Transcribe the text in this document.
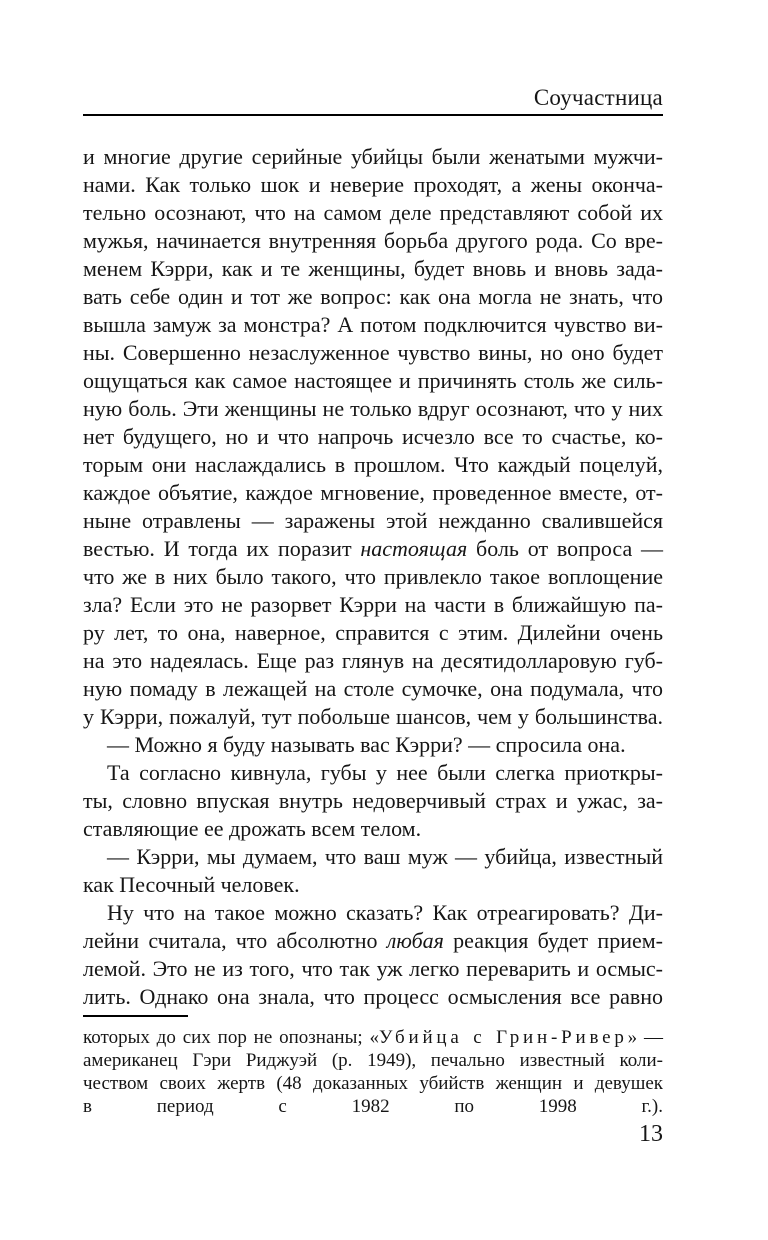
Соучастница
и многие другие серийные убийцы были женатыми мужчи-
нами. Как только шок и неверие проходят, а жены оконча-
тельно осознают, что на самом деле представляют собой их
мужья, начинается внутренняя борьба другого рода. Со вре-
менем Кэрри, как и те женщины, будет вновь и вновь зада-
вать себе один и тот же вопрос: как она могла не знать, что
вышла замуж за монстра? А потом подключится чувство ви-
ны. Совершенно незаслуженное чувство вины, но оно будет
ощущаться как самое настоящее и причинять столь же силь-
ную боль. Эти женщины не только вдруг осознают, что у них
нет будущего, но и что напрочь исчезло все то счастье, ко-
торым они наслаждались в прошлом. Что каждый поцелуй,
каждое объятие, каждое мгновение, проведенное вместе, от-
ныне отравлены — заражены этой нежданно свалившейся
вестью. И тогда их поразит настоящая боль от вопроса —
что же в них было такого, что привлекло такое воплощение
зла? Если это не разорвет Кэрри на части в ближайшую па-
ру лет, то она, наверное, справится с этим. Дилейни очень
на это надеялась. Еще раз глянув на десятидолларовую губ-
ную помаду в лежащей на столе сумочке, она подумала, что
у Кэрри, пожалуй, тут побольше шансов, чем у большинства.
— Можно я буду называть вас Кэрри? — спросила она.
Та согласно кивнула, губы у нее были слегка приоткры-
ты, словно впуская внутрь недоверчивый страх и ужас, за-
ставляющие ее дрожать всем телом.
— Кэрри, мы думаем, что ваш муж — убийца, известный
как Песочный человек.
Ну что на такое можно сказать? Как отреагировать? Ди-
лейни считала, что абсолютно любая реакция будет прием-
лемой. Это не из того, что так уж легко переварить и осмыс-
лить. Однако она знала, что процесс осмысления все равно
которых до сих пор не опознаны; «Убийца с Грин-Ривер» —
американец Гэри Риджуэй (р. 1949), печально известный коли-
чеством своих жертв (48 доказанных убийств женщин и девушек
в период с 1982 по 1998 г.).
13
